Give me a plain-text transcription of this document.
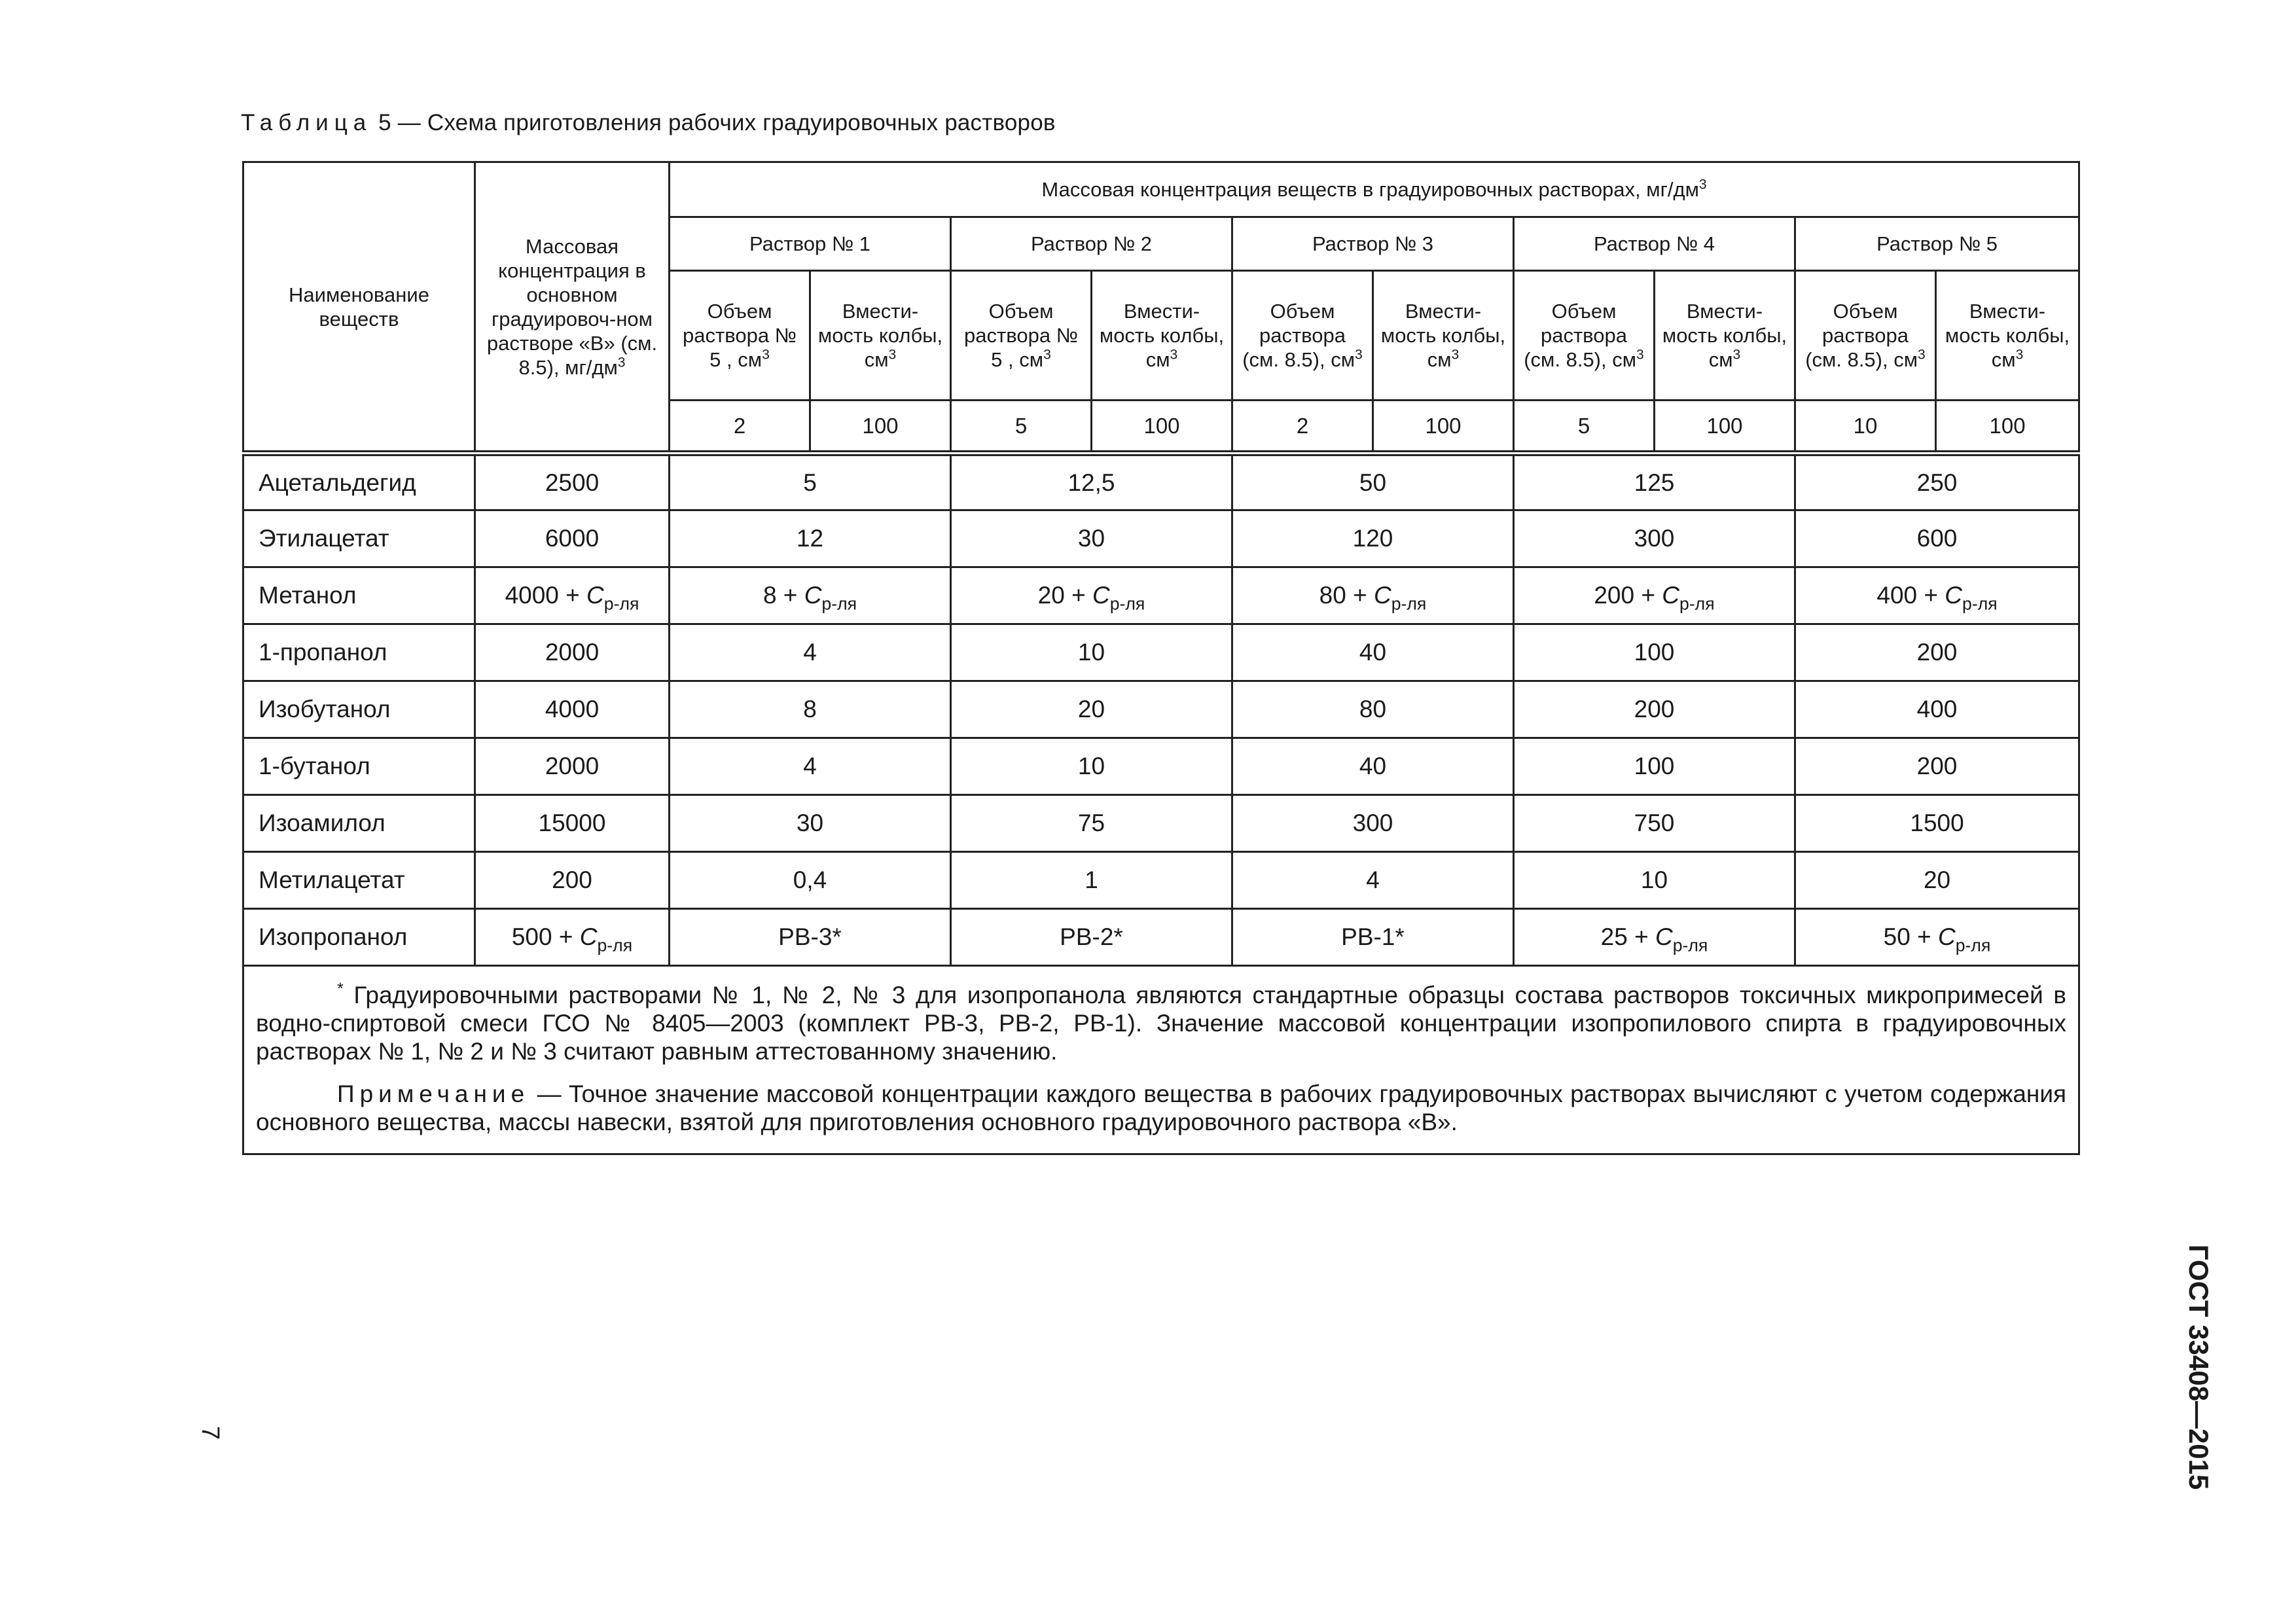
Таблица 5 — Схема приготовления рабочих градуировочных растворов
Наименование веществ	Массовая концентрация в основном градуировоч-ном растворе «В» (см. 8.5), $мг/дм^3$	Массовая концентрация веществ в градуировочных растворах, $мг/дм^3$
		Раствор № 1		Раствор № 2		Раствор № 3		Раствор № 4		Раствор № 5	
		Объем раствора № 5 , $см^3$	Вмести-мость колбы, $см^3$	Объем раствора № 5 , $см^3$	Вмести-мость колбы, $см^3$	Объем раствора (см. 8.5), $см^3$	Вмести-мость колбы, $см^3$	Объем раствора (см. 8.5), $см^3$	Вмести-мость колбы, $см^3$	Объем раствора (см. 8.5), $см^3$	Вмести-мость колбы, $см^3$
		2	100	5	100	2	100	5	100	10	100
Ацетальдегид	2500	5		12,5		50		125		250	
Этилацетат	6000	12		30		120		300		600	
Метанол	$4000 + C_{р-ля}$	$8 + C_{р-ля}$		$20 + C_{р-ля}$		$80 + C_{р-ля}$		$200 + C_{р-ля}$		$400 + C_{р-ля}$
1-пропанол	2000	4		10		40		100		200	
Изобутанол	4000	8		20		80		200		400	
1-бутанол	2000	4		10		40		100		200	
Изоамилол	15000	30		75		300		750		1500	
Метилацетат	200	0,4		1		4		10		20	
Изопропанол	$500 + C_{р-ля}$	РВ-3*		РВ-2*		РВ-1*		$25 + C_{р-ля}$		$50 + C_{р-ля}$

* Градуировочными растворами № 1, № 2, № 3 для изопропанола являются стандартные образцы состава растворов токсичных микропримесей в водно-спиртовой смеси ГСО № 8405—2003 (комплект РВ-3, РВ-2, РВ-1). Значение массовой концентрации изопропилового спирта в градуировочных растворах № 1, № 2 и № 3 считают равным аттестованному значению.

Примечание — Точное значение массовой концентрации каждого вещества в рабочих градуировочных растворах вычисляют с учетом содержания основного вещества, массы навески, взятой для приготовления основного градуировочного раствора «В».											

7	ГОСТ 33408—2015
